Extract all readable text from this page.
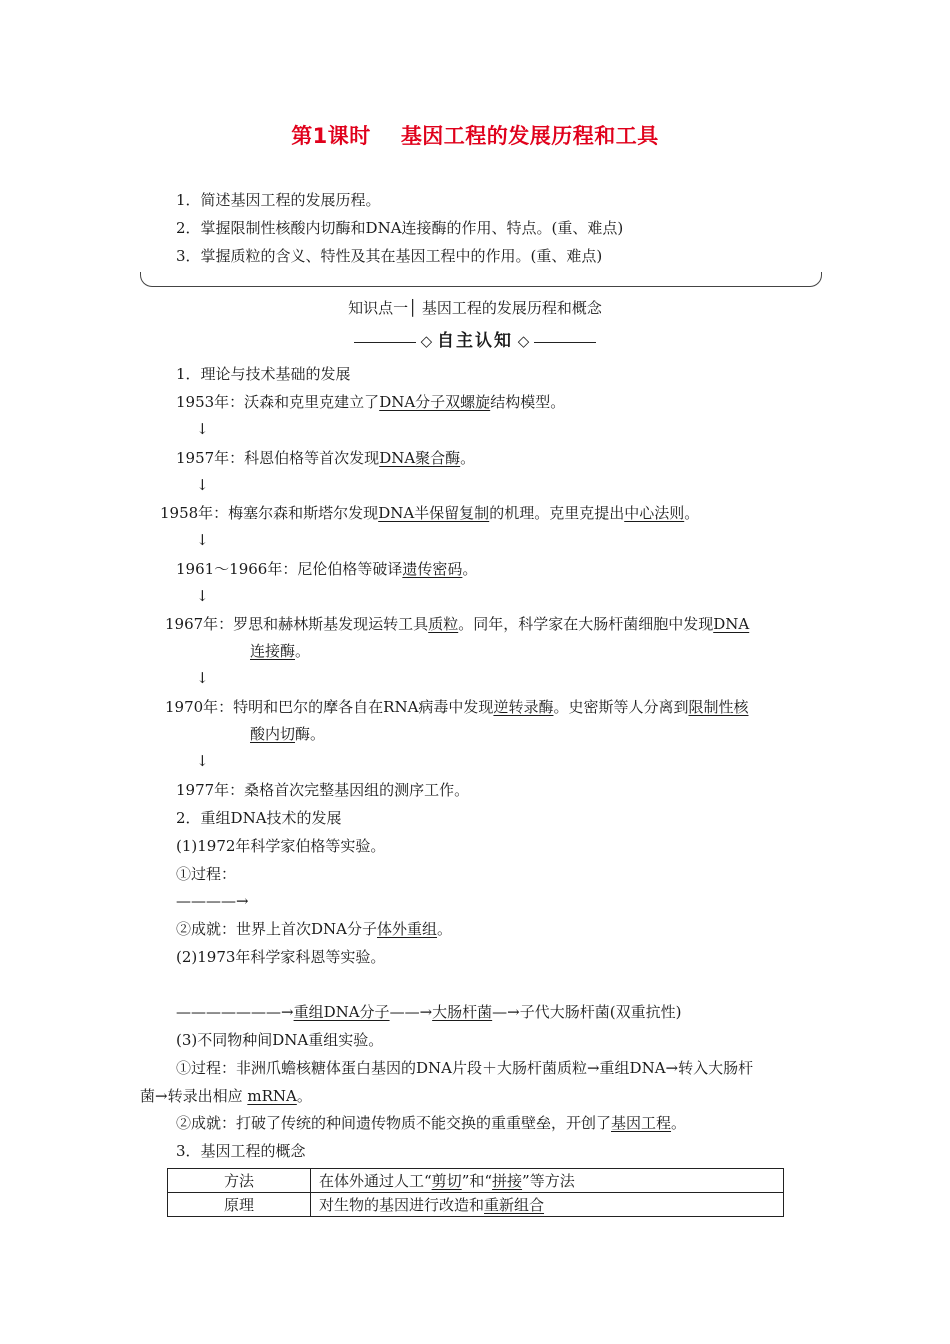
第1课时 基因工程的发展历程和工具
1．简述基因工程的发展历程。
2．掌握限制性核酸内切酶和DNA连接酶的作用、特点。(重、难点)
3．掌握质粒的含义、特性及其在基因工程中的作用。(重、难点)
知识点一│ 基因工程的发展历程和概念
◇ 自主认知 ◇
1．理论与技术基础的发展
1953年：沃森和克里克建立了DNA分子双螺旋结构模型。
↓
1957年：科恩伯格等首次发现DNA聚合酶。
↓
1958年：梅塞尔森和斯塔尔发现DNA半保留复制的机理。克里克提出中心法则。
↓
1961～1966年：尼伦伯格等破译遗传密码。
↓
1967年：罗思和赫林斯基发现运转工具质粒。同年，科学家在大肠杆菌细胞中发现DNA
连接酶。
↓
1970年：特明和巴尔的摩各自在RNA病毒中发现逆转录酶。史密斯等人分离到限制性核
酸内切酶。
↓
1977年：桑格首次完整基因组的测序工作。
2．重组DNA技术的发展
(1)1972年科学家伯格等实验。
①过程：
————→
②成就：世界上首次DNA分子体外重组。
(2)1973年科学家科恩等实验。
———————→重组DNA分子——→大肠杆菌—→子代大肠杆菌(双重抗性)
(3)不同物种间DNA重组实验。
①过程：非洲爪蟾核糖体蛋白基因的DNA片段＋大肠杆菌质粒→重组DNA→转入大肠杆
菌→转录出相应 mRNA。
②成就：打破了传统的种间遗传物质不能交换的重重壁垒，开创了基因工程。
3．基因工程的概念
方法	在体外通过人工“剪切”和“拼接”等方法
原理	对生物的基因进行改造和重新组合
